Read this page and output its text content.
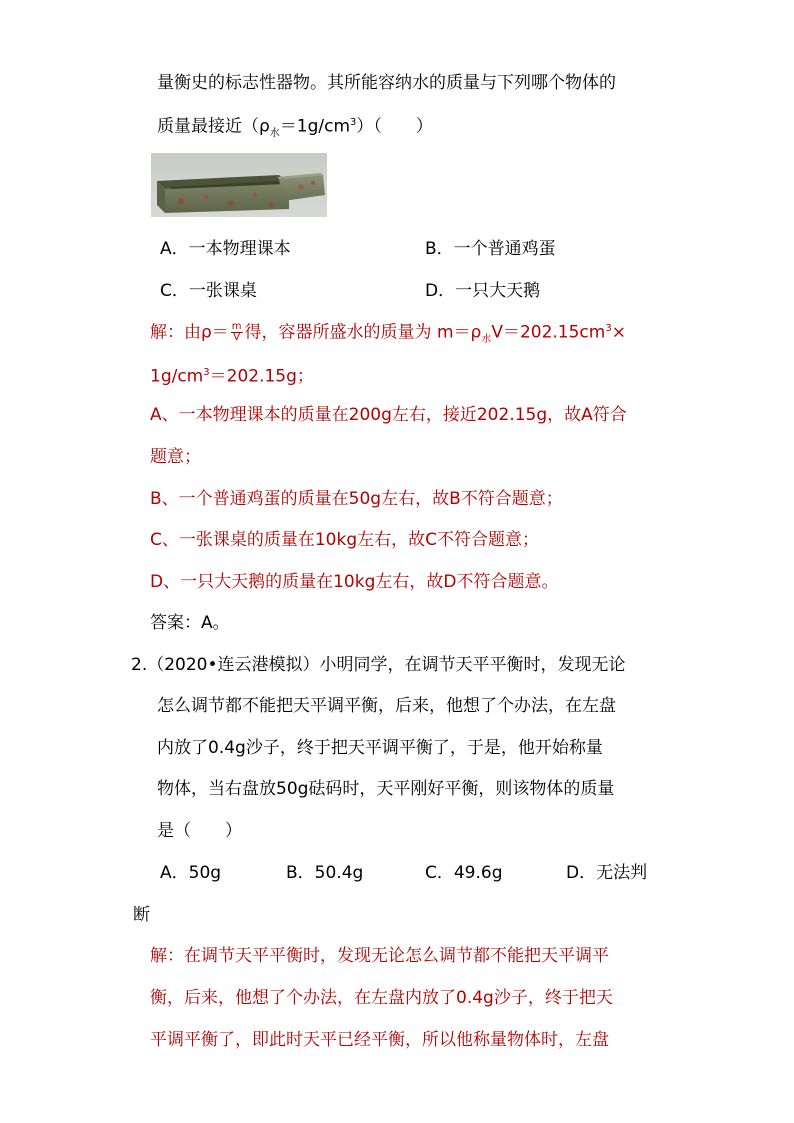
量衡史的标志性器物。其所能容纳水的质量与下列哪个物体的
质量最接近$(\rho_水=1g/cm^3)$（　　）
A．一本物理课本	B．一个普通鸡蛋
C．一张课桌	D．一只大天鹅
解：由$\rho= \frac{m}{V}$ 得，容器所盛水的质量为 $m=\rho_水V=202.15cm^3\times$
$1g/cm^3=202.15g$；
A、一本物理课本的质量在200g左右，接近202.15g，故A符合
题意；
B、一个普通鸡蛋的质量在50g左右，故B不符合题意；
C、一张课桌的质量在10kg左右，故C不符合题意；
D、一只大天鹅的质量在10kg左右，故D不符合题意。
答案：A。
2.（2020•连云港模拟）小明同学，在调节天平平衡时，发现无论
怎么调节都不能把天平调平衡，后来，他想了个办法，在左盘
内放了0.4g沙子，终于把天平调平衡了，于是，他开始称量
物体，当右盘放50g砝码时，天平刚好平衡，则该物体的质量
是（　　）
A．50g	B．50.4g	C．49.6g	D．无法判
断
解：在调节天平平衡时，发现无论怎么调节都不能把天平调平
衡，后来，他想了个办法，在左盘内放了0.4g沙子，终于把天
平调平衡了，即此时天平已经平衡，所以他称量物体时，左盘
